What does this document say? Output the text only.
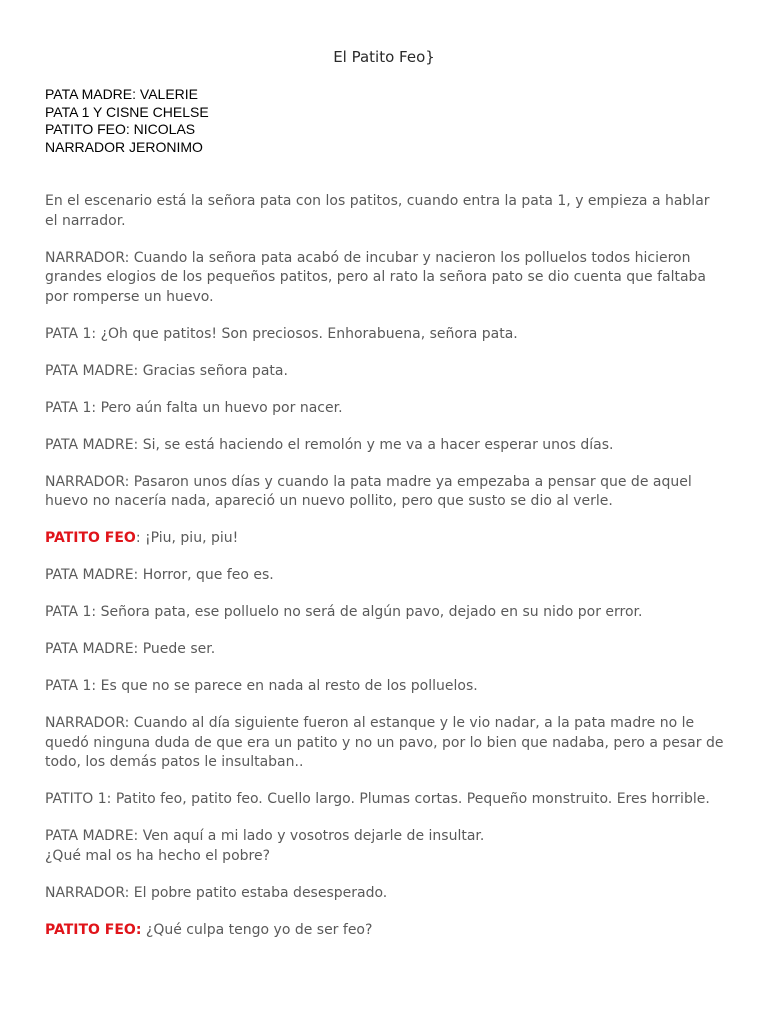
El Patito Feo}
PATA MADRE: VALERIE
PATA 1 Y CISNE CHELSE
PATITO FEO: NICOLAS
NARRADOR JERONIMO

En el escenario está la señora pata con los patitos, cuando entra la pata 1, y empieza a hablar el narrador.

NARRADOR: Cuando la señora pata acabó de incubar y nacieron los polluelos todos hicieron grandes elogios de los pequeños patitos, pero al rato la señora pato se dio cuenta que faltaba por romperse un huevo.

PATA 1: ¿Oh que patitos! Son preciosos. Enhorabuena, señora pata.

PATA MADRE: Gracias señora pata.

PATA 1: Pero aún falta un huevo por nacer.

PATA MADRE: Si, se está haciendo el remolón y me va a hacer esperar unos días.

NARRADOR: Pasaron unos días y cuando la pata madre ya empezaba a pensar que de aquel huevo no nacería nada, apareció un nuevo pollito, pero que susto se dio al verle.

PATITO FEO: ¡Piu, piu, piu!

PATA MADRE: Horror, que feo es.

PATA 1: Señora pata, ese polluelo no será de algún pavo, dejado en su nido por error.

PATA MADRE: Puede ser.

PATA 1: Es que no se parece en nada al resto de los polluelos.

NARRADOR: Cuando al día siguiente fueron al estanque y le vio nadar, a la pata madre no le quedó ninguna duda de que era un patito y no un pavo, por lo bien que nadaba, pero a pesar de todo, los demás patos le insultaban..

PATITO 1: Patito feo, patito feo. Cuello largo. Plumas cortas. Pequeño monstruito. Eres horrible.

PATA MADRE: Ven aquí a mi lado y vosotros dejarle de insultar.
¿Qué mal os ha hecho el pobre?

NARRADOR: El pobre patito estaba desesperado.

PATITO FEO: ¿Qué culpa tengo yo de ser feo?
